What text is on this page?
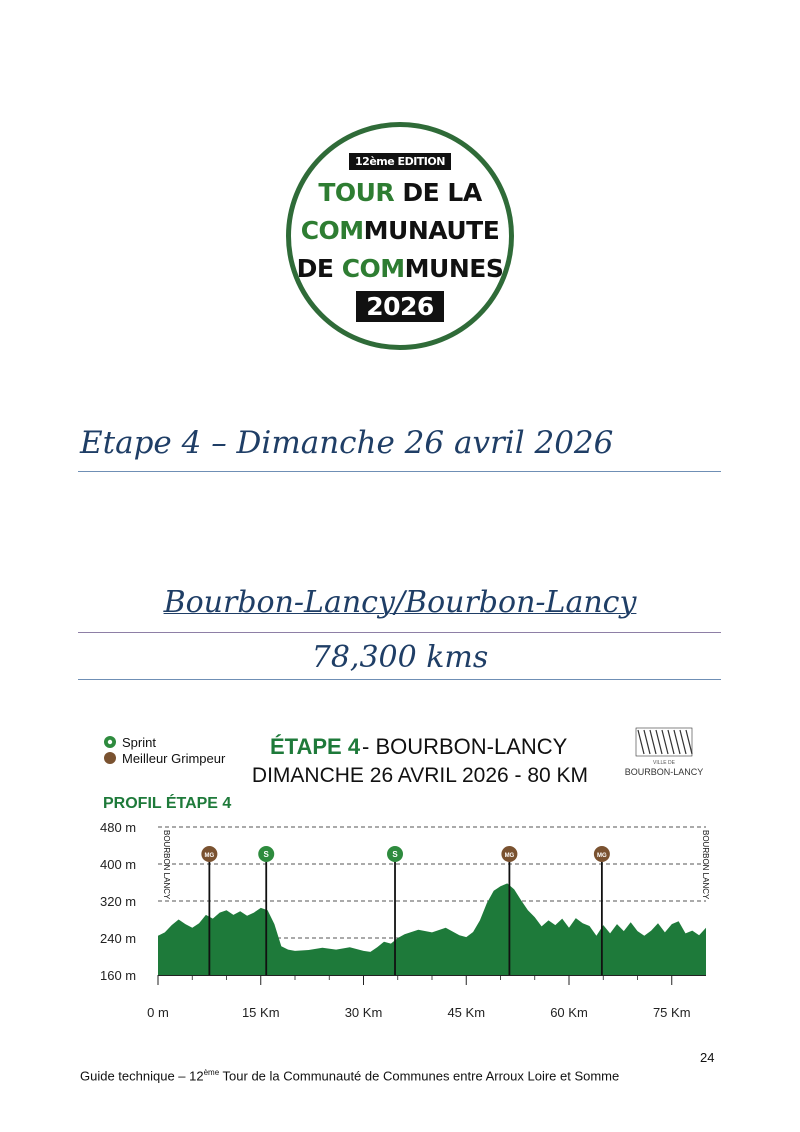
12ème EDITION
TOUR DE LA
COMMUNAUTE
DE COMMUNES
2026
Etape 4 – Dimanche 26 avril 2026
Bourbon-Lancy/Bourbon-Lancy
78,300 kms
Sprint
Meilleur Grimpeur ÉTAPE 4 - BOURBON-LANCY
DIMANCHE 26 AVRIL 2026 - 80 KM
PROFIL ÉTAPE 4
VILLE DE
BOURBON-LANCY
MG	S	S	MG	MG
160 m
240 m
320 m
400 m
480 m
0 m	15 Km	30 Km	45 Km	60 Km	75 Km
BOURBON LANCY	BOURBON LANCY
24
Guide technique – 12ème Tour de la Communauté de Communes entre Arroux Loire et Somme
